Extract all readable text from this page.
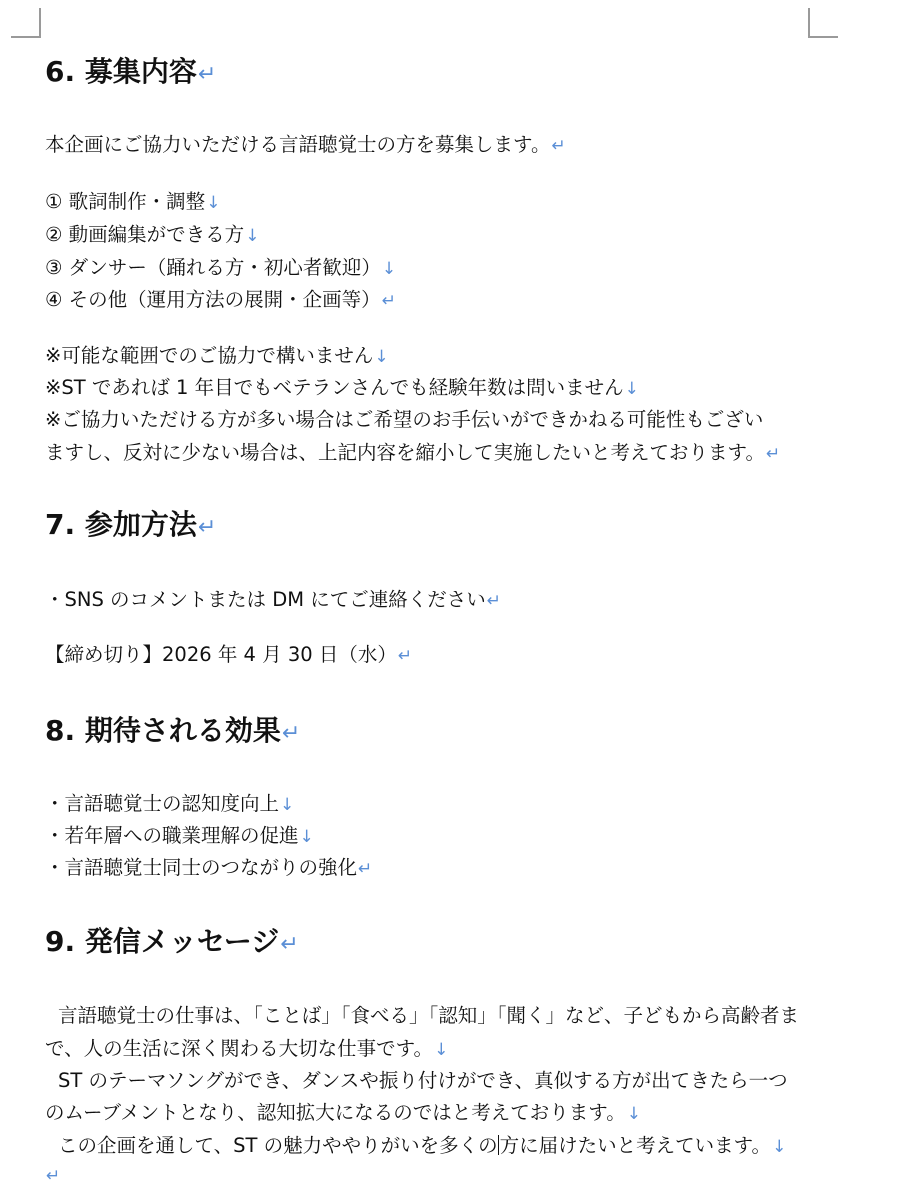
6. 募集内容↵
本企画にご協力いただける言語聴覚士の方を募集します。↵
① 歌詞制作・調整↓
② 動画編集ができる方↓
③ ダンサー（踊れる方・初心者歓迎）↓
④ その他（運用方法の展開・企画等）↵
※可能な範囲でのご協力で構いません↓
※ST であれば 1 年目でもベテランさんでも経験年数は問いません↓
※ご協力いただける方が多い場合はご希望のお手伝いができかねる可能性もござい
ますし、反対に少ない場合は、上記内容を縮小して実施したいと考えております。↵
7. 参加方法↵
・SNS のコメントまたは DM にてご連絡ください↵
【締め切り】2026 年 4 月 30 日（水）↵
8. 期待される効果↵
・言語聴覚士の認知度向上↓
・若年層への職業理解の促進↓
・言語聴覚士同士のつながりの強化↵
9. 発信メッセージ↵
言語聴覚士の仕事は、「ことば」「食べる」「認知」「聞く」など、子どもから高齢者ま
で、人の生活に深く関わる大切な仕事です。↓
ST のテーマソングができ、ダンスや振り付けができ、真似する方が出てきたら一つ
のムーブメントとなり、認知拡大になるのではと考えております。↓
この企画を通して、ST の魅力ややりがいを多くの 方に届けたいと考えています。↓
↵
